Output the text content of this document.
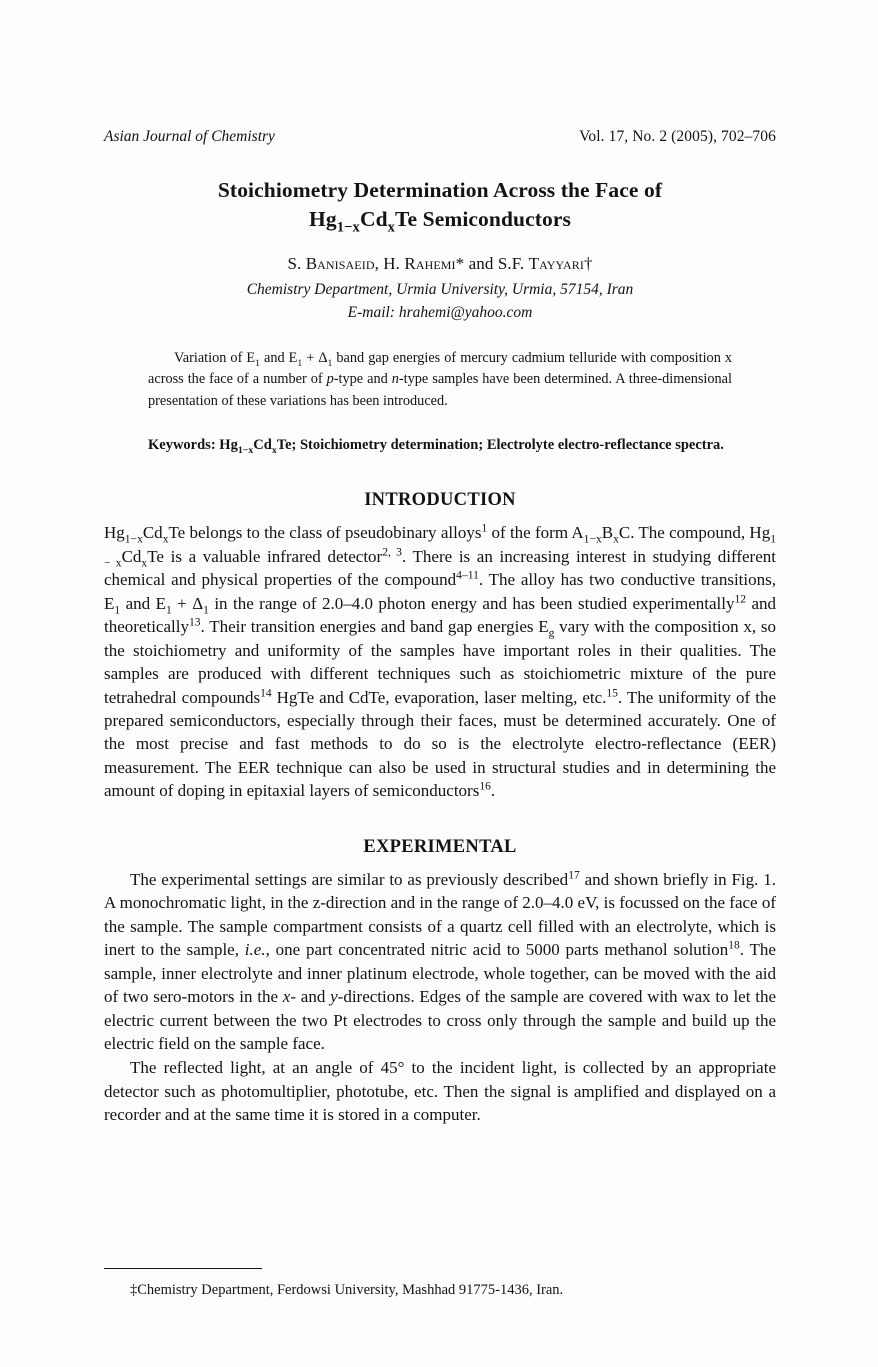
Asian Journal of Chemistry	Vol. 17, No. 2 (2005), 702–706
Stoichiometry Determination Across the Face of
$Hg_{1-x}Cd_xTe$ Semiconductors
S. Banisaeid, H. Rahemi* and S.F. Tayyari†
Chemistry Department, Urmia University, Urmia, 57154, Iran
E-mail: hrahemi@yahoo.com
Variation of $E_1$ and $E_1 + \Delta_1$ band gap energies of mercury cadmium telluride with composition x across the face of a number of p-type and n-type samples have been determined. A three-dimensional presentation of these variations has been introduced.
Keywords: $Hg_{1-x}Cd_xTe$; Stoichiometry determination; Electrolyte electro-reflectance spectra.
INTRODUCTION

$Hg_{1-x}Cd_xTe$ belongs to the class of pseudobinary alloys$^1$ of the form $A_{1-x}B_xC$. The compound, $Hg_{1 - x}Cd_xTe$ is a valuable infrared detector$^{2, 3}$. There is an increasing interest in studying different chemical and physical properties of the compound$^{4-11}$. The alloy has two conductive transitions, $E_1$ and $E_1 + \Delta_1$ in the range of 2.0–4.0 photon energy and has been studied experimentally$^{12}$ and theoretically$^{13}$. Their transition energies and band gap energies $E_g$ vary with the composition x, so the stoichiometry and uniformity of the samples have important roles in their qualities. The samples are produced with different techniques such as stoichiometric mixture of the pure tetrahedral compounds$^{14}$ HgTe and CdTe, evaporation, laser melting, etc.$^{15}$. The uniformity of the prepared semiconductors, especially through their faces, must be determined accurately. One of the most precise and fast methods to do so is the electrolyte electro-reflectance (EER) measurement. The EER technique can also be used in structural studies and in determining the amount of doping in epitaxial layers of semiconductors$^{16}$.

EXPERIMENTAL

The experimental settings are similar to as previously described$^{17}$ and shown briefly in Fig. 1. A monochromatic light, in the z-direction and in the range of 2.0–4.0 eV, is focussed on the face of the sample. The sample compartment consists of a quartz cell filled with an electrolyte, which is inert to the sample, i.e., one part concentrated nitric acid to 5000 parts methanol solution$^{18}$. The sample, inner electrolyte and inner platinum electrode, whole together, can be moved with the aid of two sero-motors in the x- and y-directions. Edges of the sample are covered with wax to let the electric current between the two Pt electrodes to cross only through the sample and build up the electric field on the sample face.

The reflected light, at an angle of 45° to the incident light, is collected by an appropriate detector such as photomultiplier, phototube, etc. Then the signal is amplified and displayed on a recorder and at the same time it is stored in a computer.

‡Chemistry Department, Ferdowsi University, Mashhad 91775-1436, Iran.
